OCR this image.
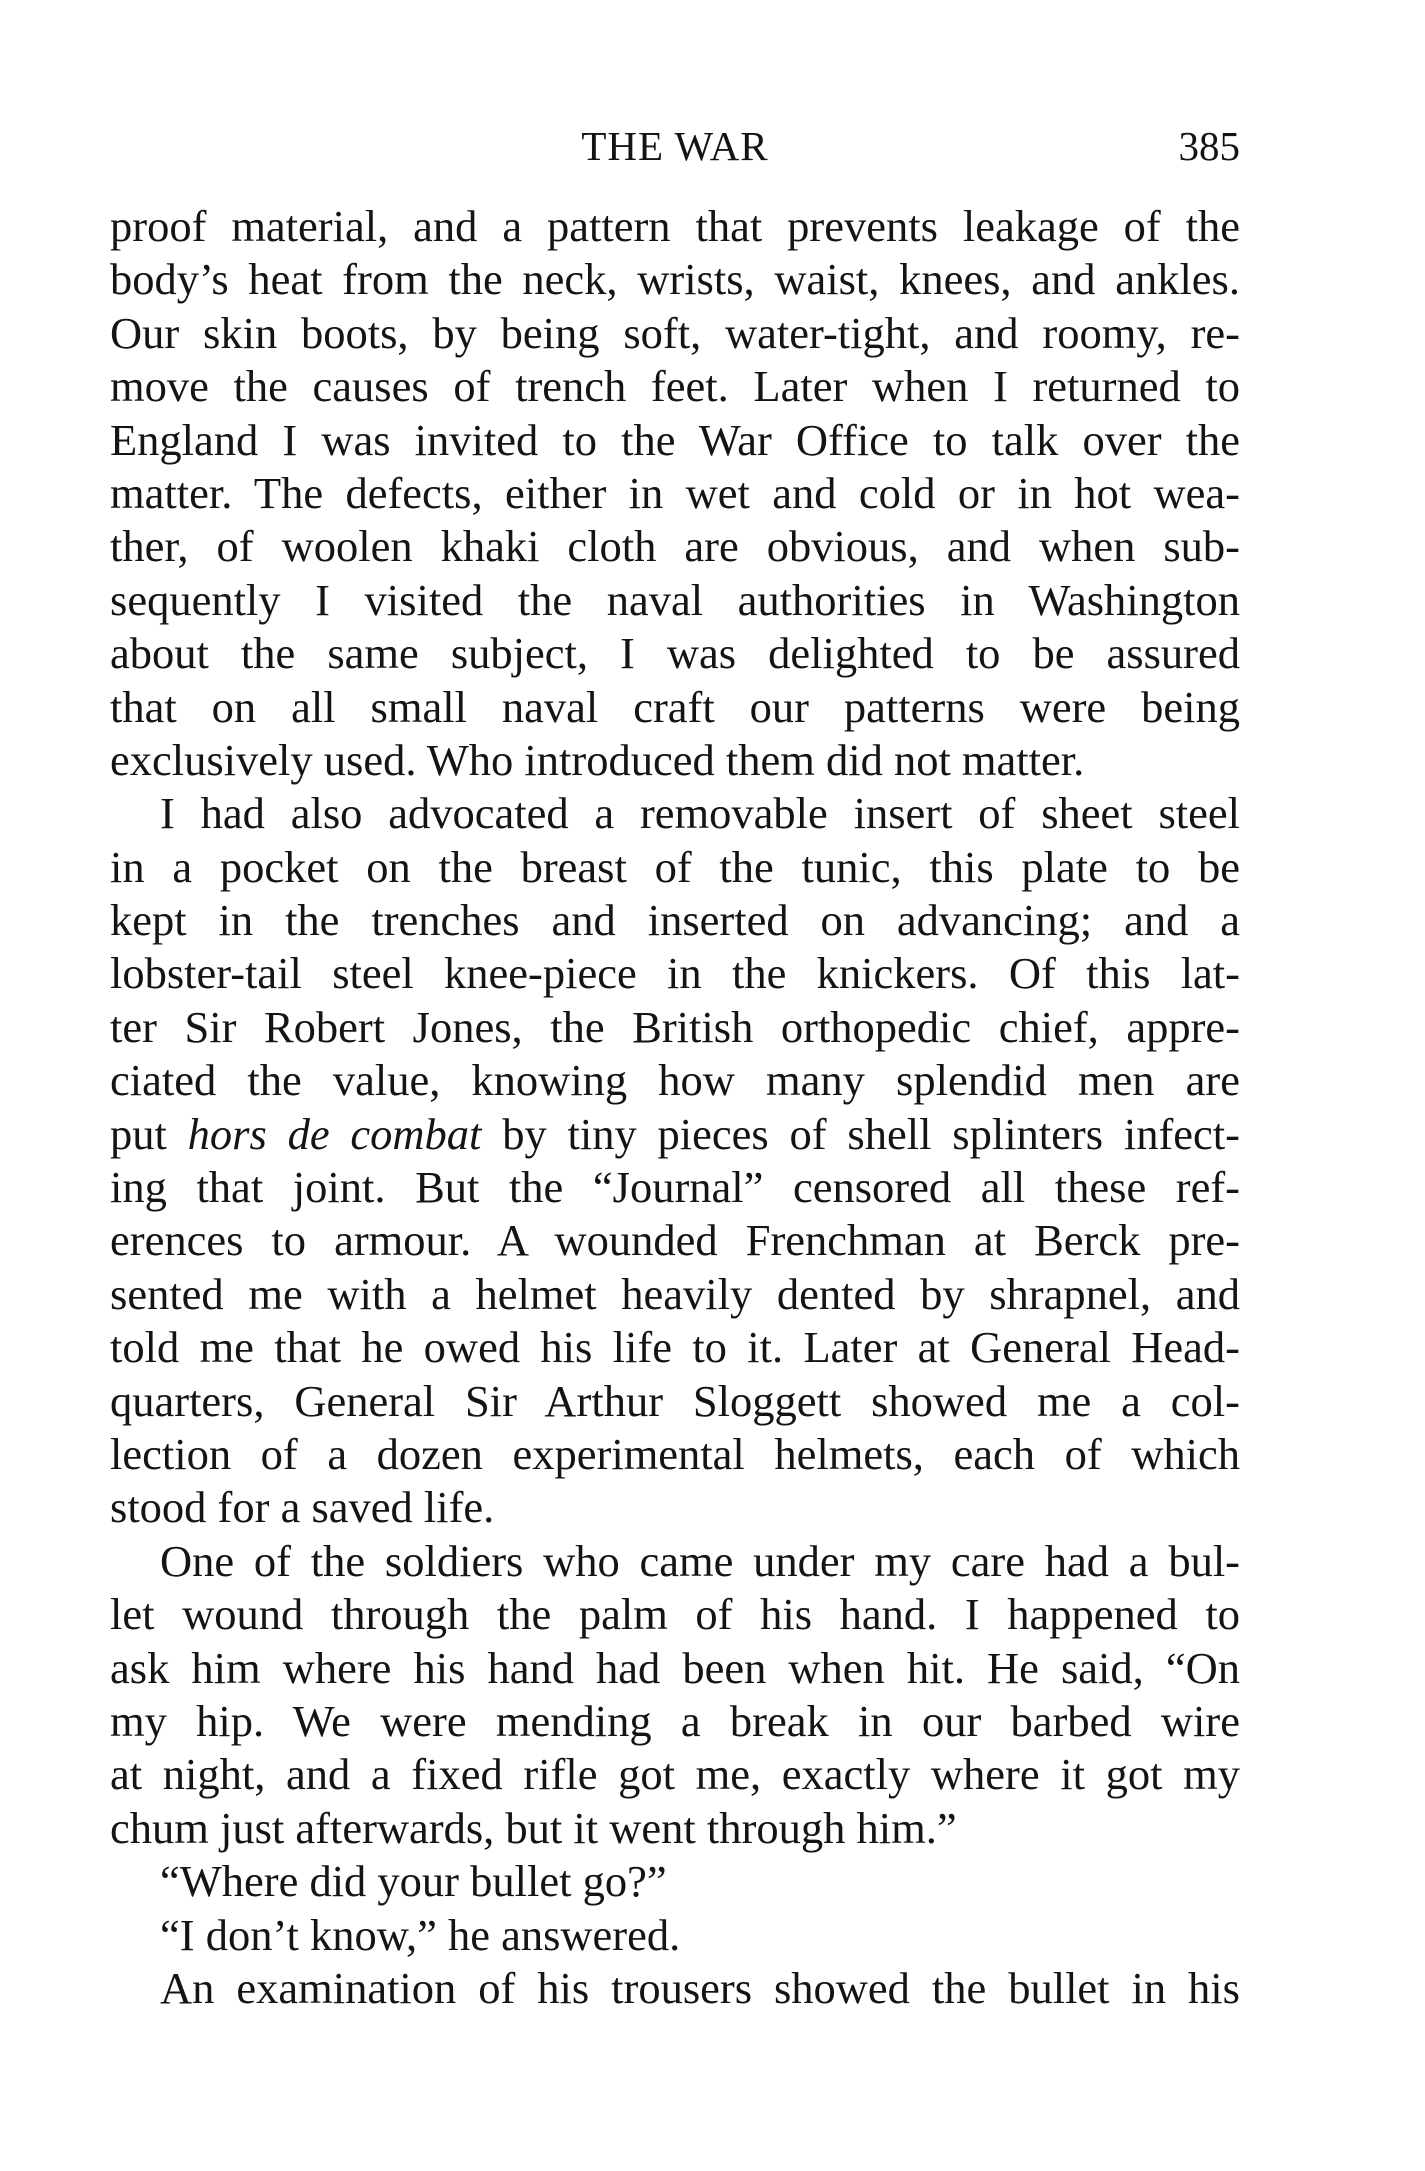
THE WAR	385
proof material, and a pattern that prevents leakage of the
body’s heat from the neck, wrists, waist, knees, and ankles.
Our skin boots, by being soft, water-tight, and roomy, re-
move the causes of trench feet. Later when I returned to
England I was invited to the War Office to talk over the
matter. The defects, either in wet and cold or in hot wea-
ther, of woolen khaki cloth are obvious, and when sub-
sequently I visited the naval authorities in Washington
about the same subject, I was delighted to be assured
that on all small naval craft our patterns were being
exclusively used. Who introduced them did not matter.
I had also advocated a removable insert of sheet steel
in a pocket on the breast of the tunic, this plate to be
kept in the trenches and inserted on advancing; and a
lobster-tail steel knee-piece in the knickers. Of this lat-
ter Sir Robert Jones, the British orthopedic chief, appre-
ciated the value, knowing how many splendid men are
put hors de combat by tiny pieces of shell splinters infect-
ing that joint. But the “Journal” censored all these ref-
erences to armour. A wounded Frenchman at Berck pre-
sented me with a helmet heavily dented by shrapnel, and
told me that he owed his life to it. Later at General Head-
quarters, General Sir Arthur Sloggett showed me a col-
lection of a dozen experimental helmets, each of which
stood for a saved life.
One of the soldiers who came under my care had a bul-
let wound through the palm of his hand. I happened to
ask him where his hand had been when hit. He said, “On
my hip. We were mending a break in our barbed wire
at night, and a fixed rifle got me, exactly where it got my
chum just afterwards, but it went through him.”
“Where did your bullet go?”
“I don’t know,” he answered.
An examination of his trousers showed the bullet in his
